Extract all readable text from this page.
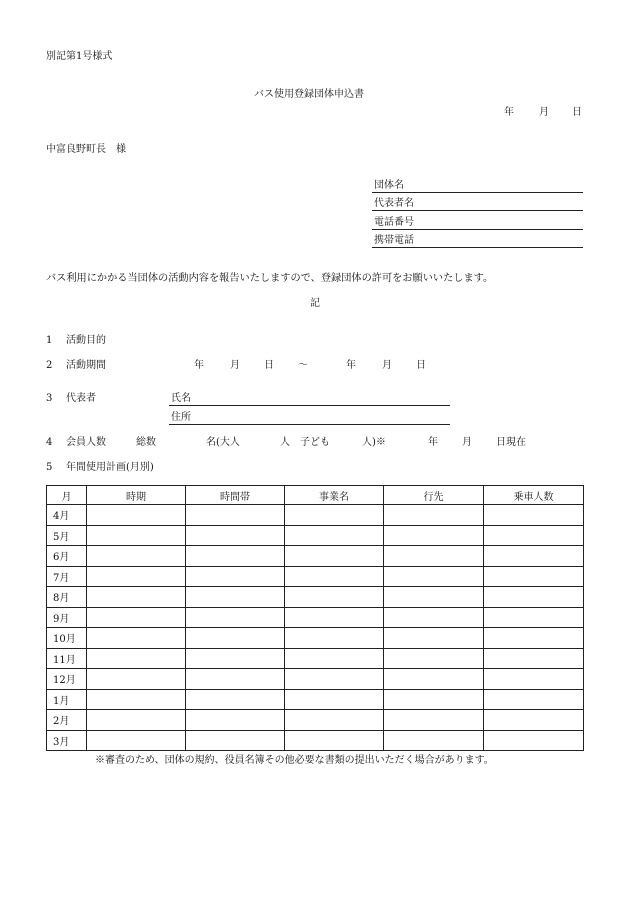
別記第1号様式
バス使用登録団体申込書
年	月 日
中富良野町長　様
団体名
代表者名
電話番号
携帯電話
バス利用にかかる当団体の活動内容を報告いたしますので、登録団体の許可をお願いいたします。
記
1 活動目的
2 活動期間	年	月 日 〜	年	月 日
3 代表者	氏名
住所
4 会員人数	総数	名(大人	人　子ども	人)※	年 月 日現在
5 年間使用計画(月別)
月	時期	時間帯	事業名	行先	乗車人数
4月					
5月					
6月					
7月					
8月					
9月					
10月					
11月					
12月					
1月					
2月					
3月					
※審査のため、団体の規約、役員名簿その他必要な書類の提出いただく場合があります。
